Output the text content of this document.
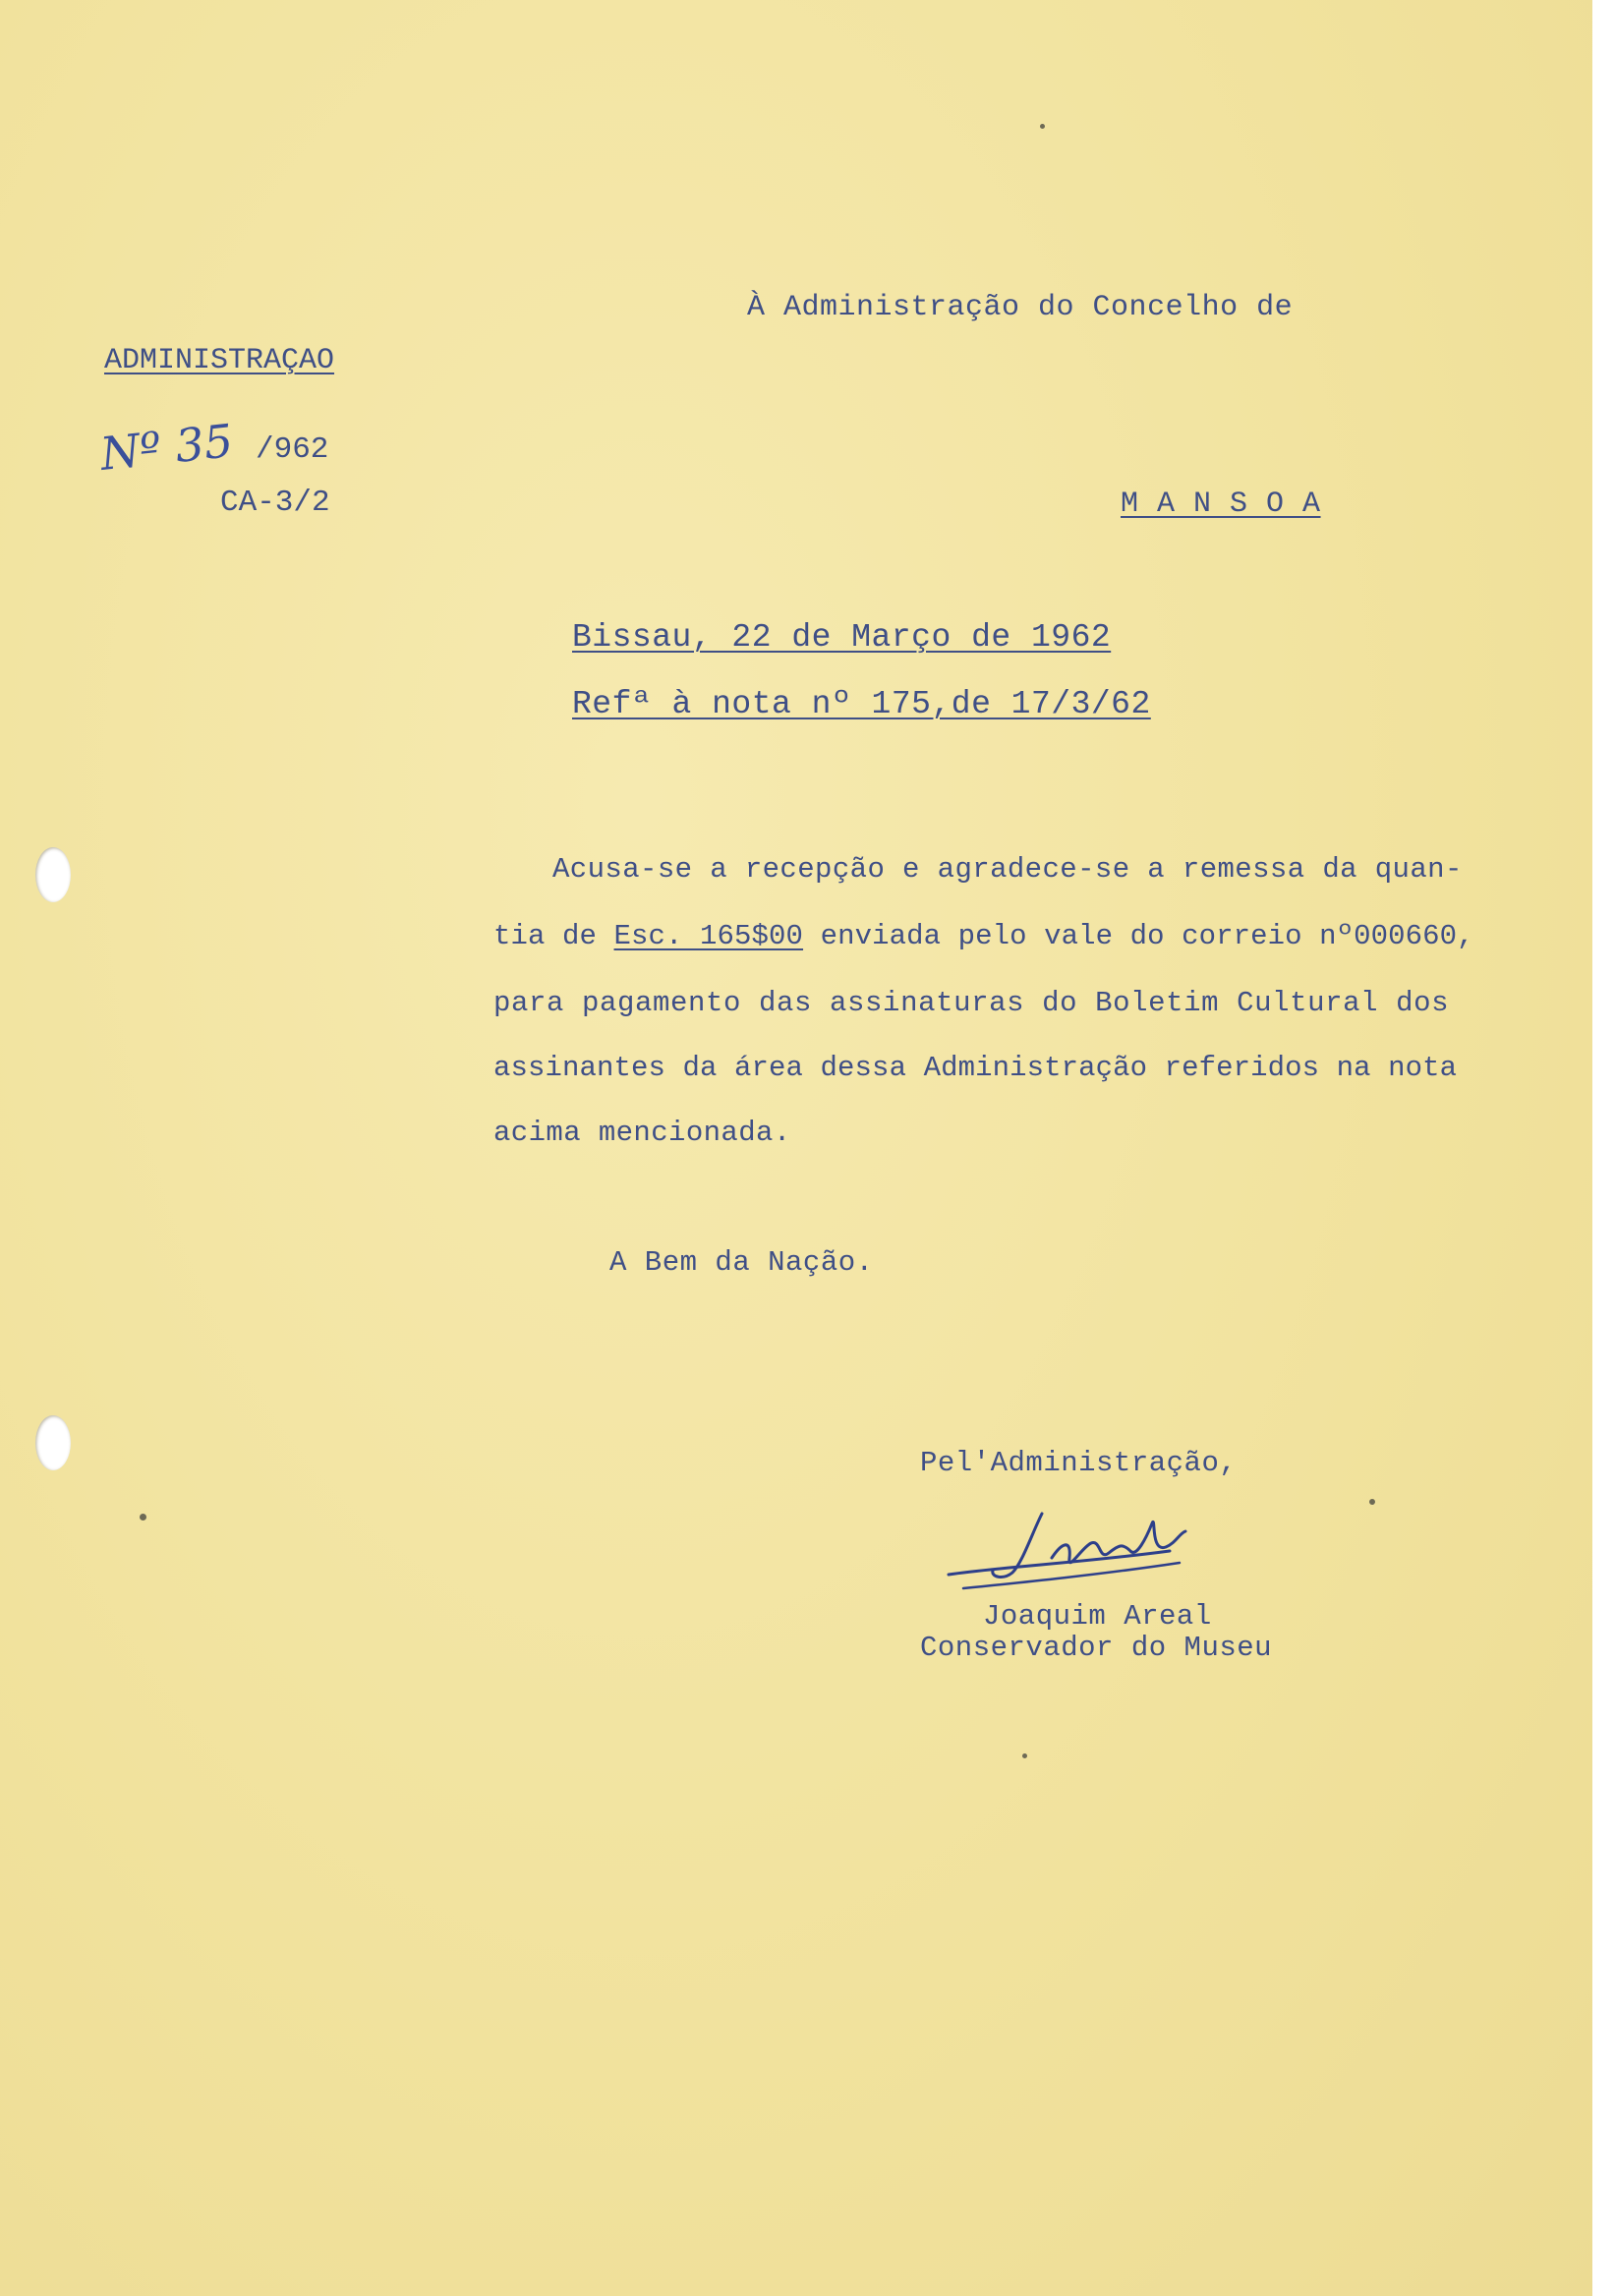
ADMINISTRAÇAO
Nº 35 /962
CA-3/2
À Administração do Concelho de
M A N S O A
Bissau, 22 de Março de 1962
Refª à nota nº 175,de 17/3/62
Acusa-se a recepção e agradece-se a remessa da quan-
tia de Esc. 165$00 enviada pelo vale do correio nº000660,
para pagamento das assinaturas do Boletim Cultural dos
assinantes da área dessa Administração referidos na nota
acima mencionada.
A Bem da Nação.
Pel'Administração,
Joaquim Areal
Conservador do Museu
